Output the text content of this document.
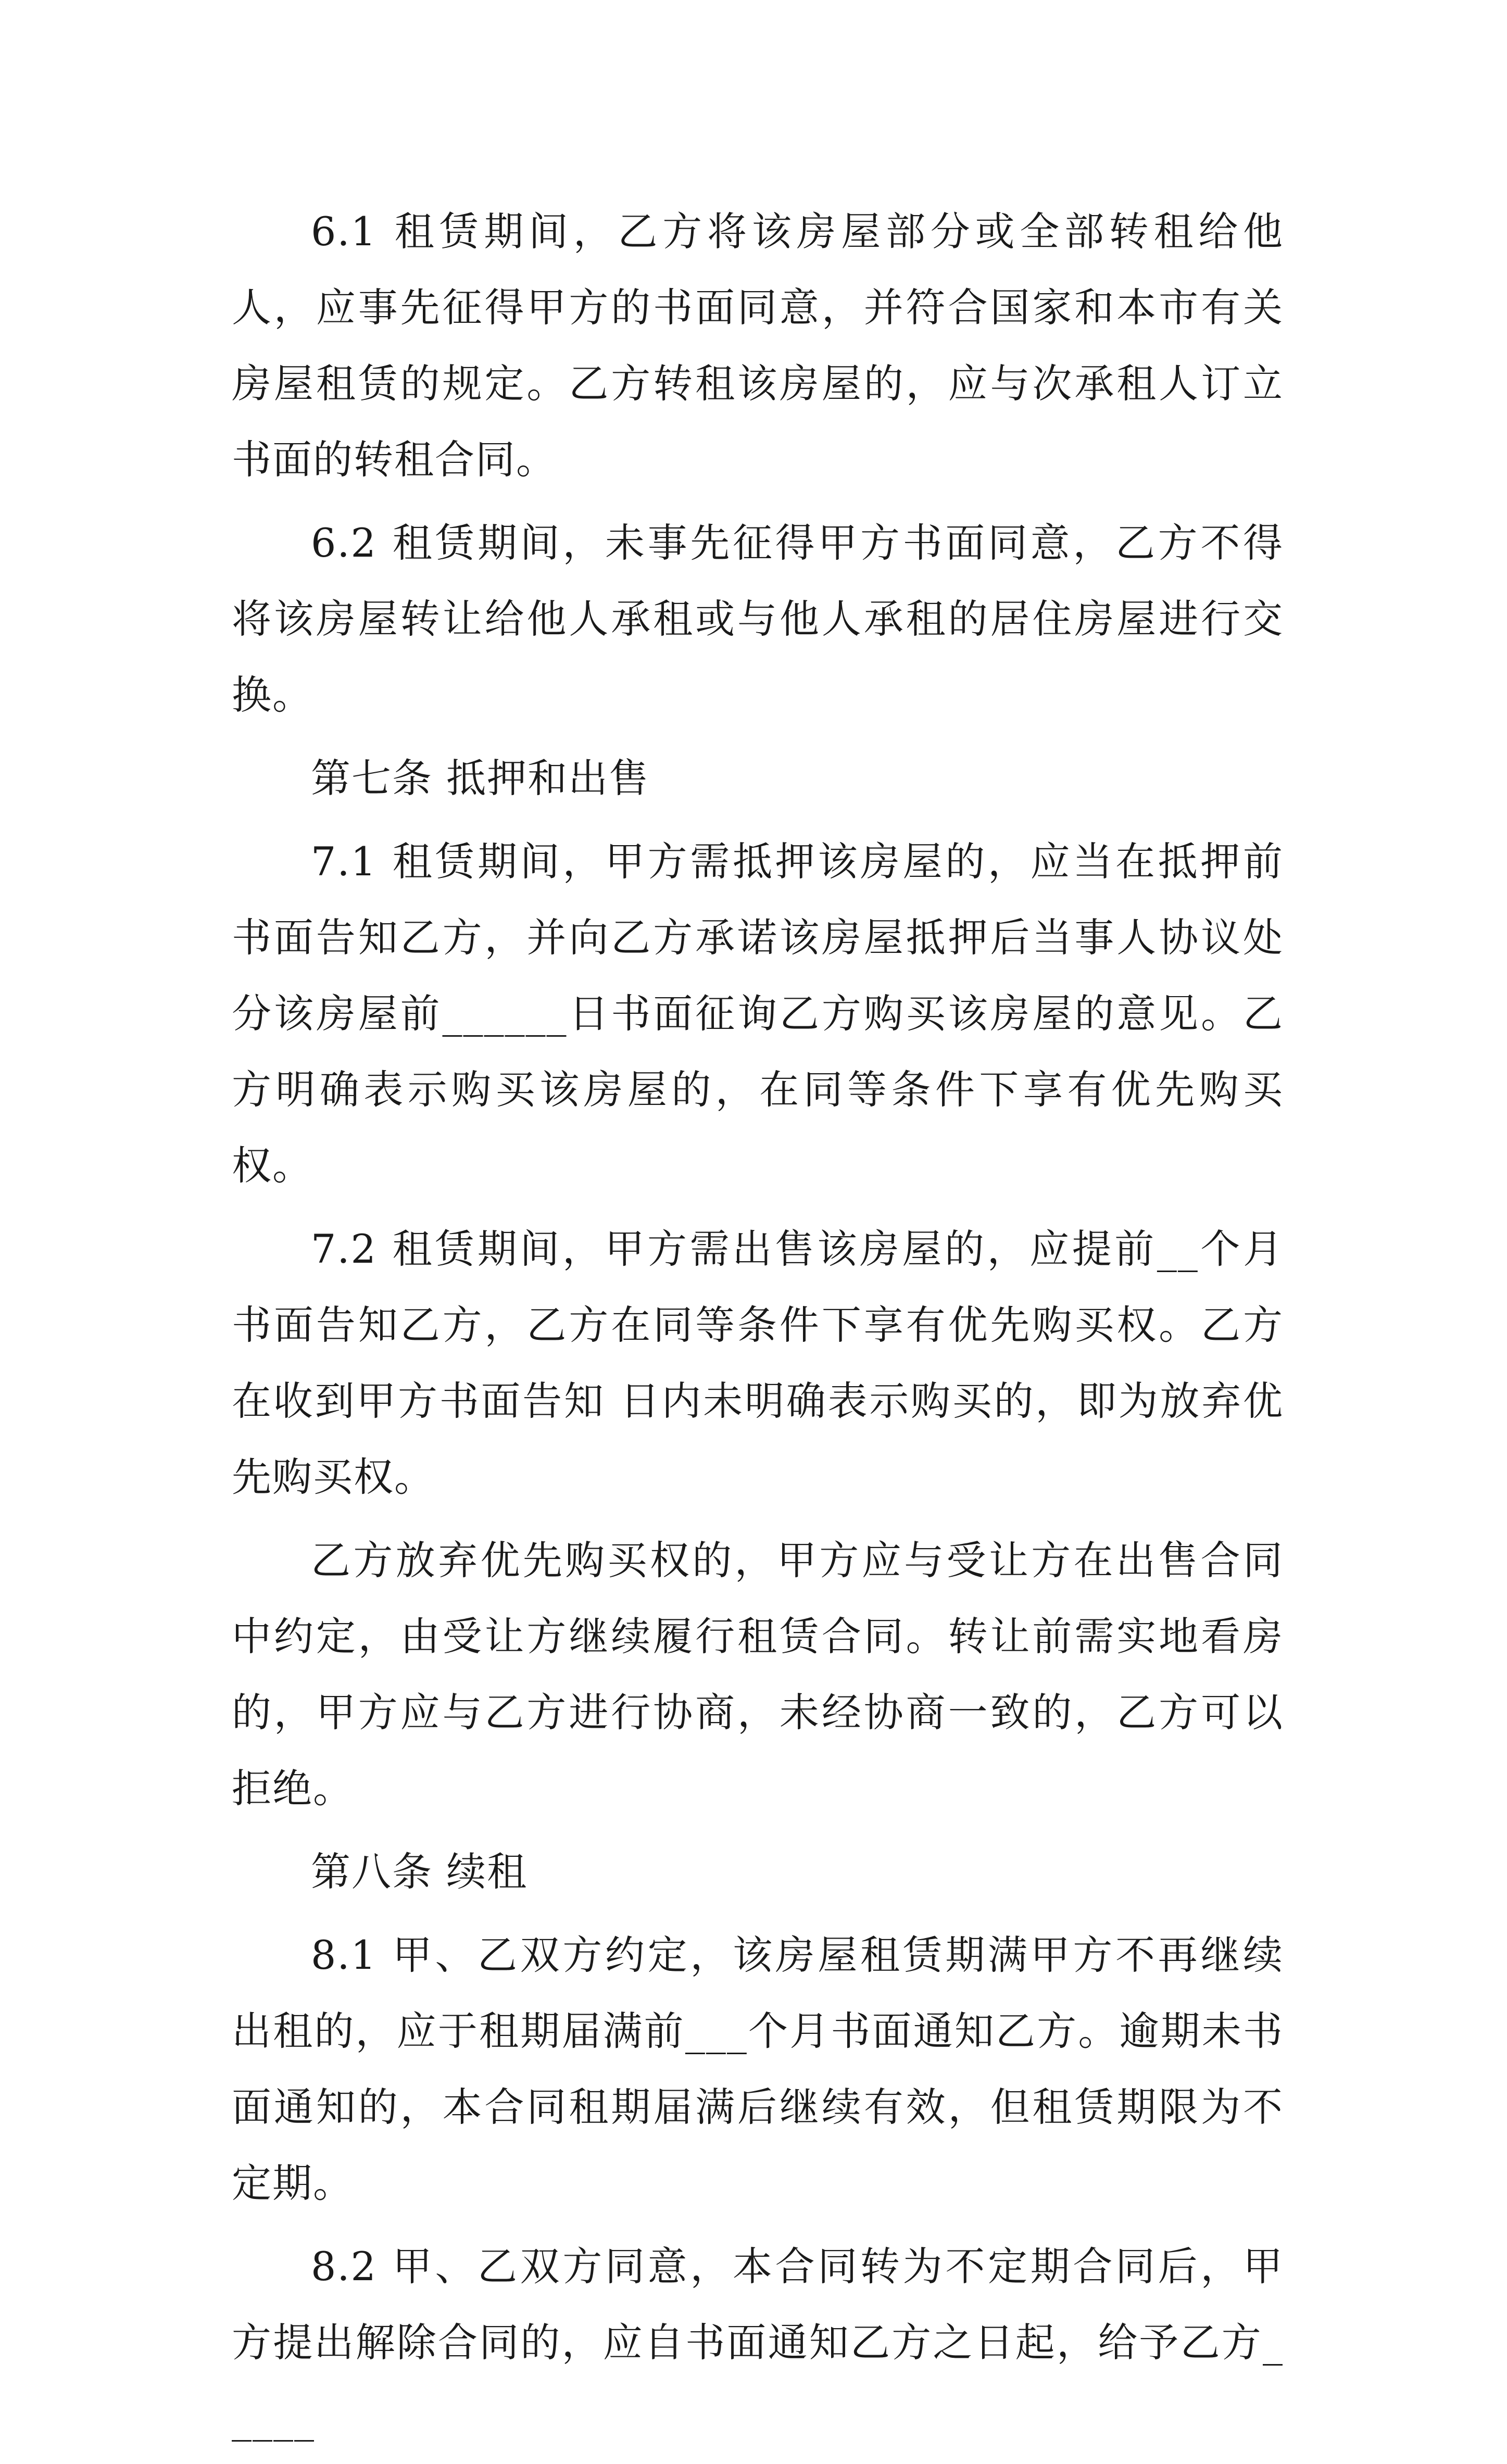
6.1 租赁期间，乙方将该房屋部分或全部转租给他人，应事先征得甲方的书面同意，并符合国家和本市有关房屋租赁的规定。乙方转租该房屋的，应与次承租人订立书面的转租合同。

6.2 租赁期间，未事先征得甲方书面同意，乙方不得将该房屋转让给他人承租或与他人承租的居住房屋进行交换。

第七条 抵押和出售

7.1 租赁期间，甲方需抵押该房屋的，应当在抵押前书面告知乙方，并向乙方承诺该房屋抵押后当事人协议处分该房屋前______日书面征询乙方购买该房屋的意见。乙方明确表示购买该房屋的，在同等条件下享有优先购买权。

7.2 租赁期间，甲方需出售该房屋的，应提前__个月书面告知乙方，乙方在同等条件下享有优先购买权。乙方在收到甲方书面告知 日内未明确表示购买的，即为放弃优先购买权。

乙方放弃优先购买权的，甲方应与受让方在出售合同中约定，由受让方继续履行租赁合同。转让前需实地看房的，甲方应与乙方进行协商，未经协商一致的，乙方可以拒绝。

第八条 续租

8.1 甲、乙双方约定，该房屋租赁期满甲方不再继续出租的，应于租期届满前___个月书面通知乙方。逾期未书面通知的，本合同租期届满后继续有效，但租赁期限为不定期。

8.2 甲、乙双方同意，本合同转为不定期合同后，甲方提出解除合同的，应自书面通知乙方之日起，给予乙方_____
